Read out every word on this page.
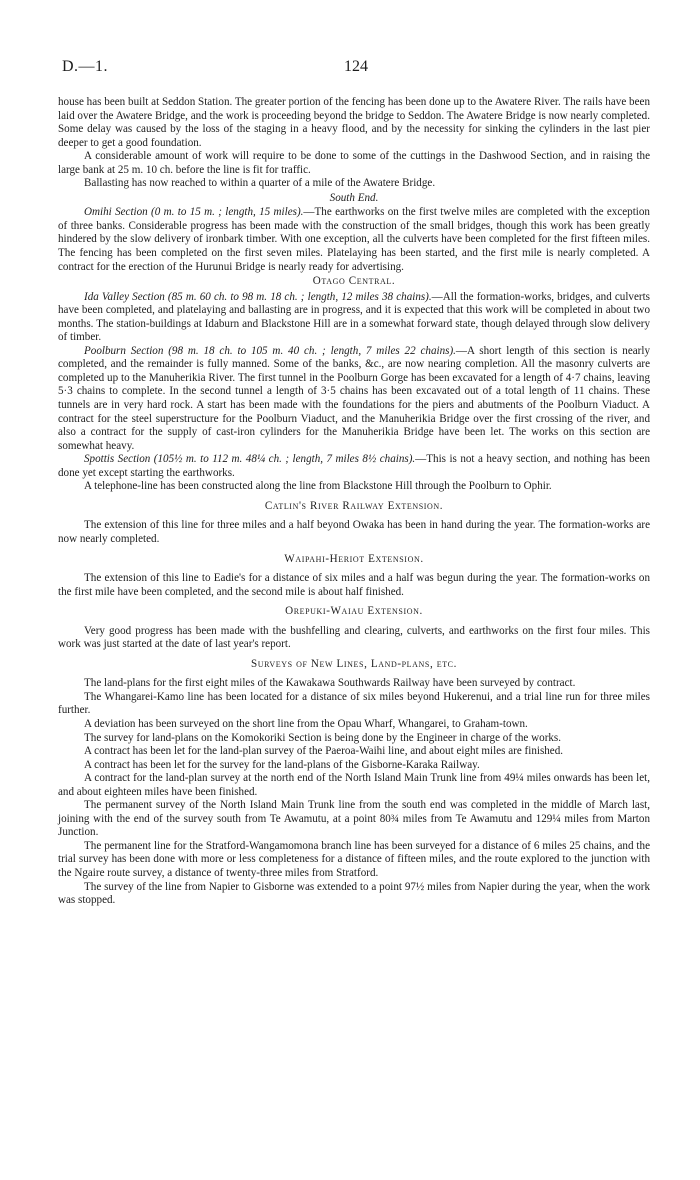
D.—1.	124

house has been built at Seddon Station. The greater portion of the fencing has been done up to the Awatere River. The rails have been laid over the Awatere Bridge, and the work is proceeding beyond the bridge to Seddon. The Awatere Bridge is now nearly completed. Some delay was caused by the loss of the staging in a heavy flood, and by the necessity for sinking the cylinders in the last pier deeper to get a good foundation.

A considerable amount of work will require to be done to some of the cuttings in the Dashwood Section, and in raising the large bank at 25 m. 10 ch. before the line is fit for traffic.

Ballasting has now reached to within a quarter of a mile of the Awatere Bridge.

South End.

Omihi Section (0 m. to 15 m. ; length, 15 miles).—The earthworks on the first twelve miles are completed with the exception of three banks. Considerable progress has been made with the construction of the small bridges, though this work has been greatly hindered by the slow delivery of ironbark timber. With one exception, all the culverts have been completed for the first fifteen miles. The fencing has been completed on the first seven miles. Platelaying has been started, and the first mile is nearly completed. A contract for the erection of the Hurunui Bridge is nearly ready for advertising.

Otago Central.

Ida Valley Section (85 m. 60 ch. to 98 m. 18 ch. ; length, 12 miles 38 chains).—All the formation-works, bridges, and culverts have been completed, and platelaying and ballasting are in progress, and it is expected that this work will be completed in about two months. The station-buildings at Idaburn and Blackstone Hill are in a somewhat forward state, though delayed through slow delivery of timber.

Poolburn Section (98 m. 18 ch. to 105 m. 40 ch. ; length, 7 miles 22 chains).—A short length of this section is nearly completed, and the remainder is fully manned. Some of the banks, &c., are now nearing completion. All the masonry culverts are completed up to the Manuherikia River. The first tunnel in the Poolburn Gorge has been excavated for a length of 4·7 chains, leaving 5·3 chains to complete. In the second tunnel a length of 3·5 chains has been excavated out of a total length of 11 chains. These tunnels are in very hard rock. A start has been made with the foundations for the piers and abutments of the Poolburn Viaduct. A contract for the steel superstructure for the Poolburn Viaduct, and the Manuherikia Bridge over the first crossing of the river, and also a contract for the supply of cast-iron cylinders for the Manuherikia Bridge have been let. The works on this section are somewhat heavy.

Spottis Section (105½ m. to 112 m. 48¼ ch. ; length, 7 miles 8½ chains).—This is not a heavy section, and nothing has been done yet except starting the earthworks.

A telephone-line has been constructed along the line from Blackstone Hill through the Poolburn to Ophir.

Catlin's River Railway Extension.

The extension of this line for three miles and a half beyond Owaka has been in hand during the year. The formation-works are now nearly completed.

Waipahi-Heriot Extension.

The extension of this line to Eadie's for a distance of six miles and a half was begun during the year. The formation-works on the first mile have been completed, and the second mile is about half finished.

Orepuki-Waiau Extension.

Very good progress has been made with the bushfelling and clearing, culverts, and earthworks on the first four miles. This work was just started at the date of last year's report.

Surveys of New Lines, Land-plans, etc.

The land-plans for the first eight miles of the Kawakawa Southwards Railway have been surveyed by contract.

The Whangarei-Kamo line has been located for a distance of six miles beyond Hukerenui, and a trial line run for three miles further.

A deviation has been surveyed on the short line from the Opau Wharf, Whangarei, to Graham-town.

The survey for land-plans on the Komokoriki Section is being done by the Engineer in charge of the works.

A contract has been let for the land-plan survey of the Paeroa-Waihi line, and about eight miles are finished.

A contract has been let for the survey for the land-plans of the Gisborne-Karaka Railway.

A contract for the land-plan survey at the north end of the North Island Main Trunk line from 49¼ miles onwards has been let, and about eighteen miles have been finished.

The permanent survey of the North Island Main Trunk line from the south end was completed in the middle of March last, joining with the end of the survey south from Te Awamutu, at a point 80¾ miles from Te Awamutu and 129¼ miles from Marton Junction.

The permanent line for the Stratford-Wangamomona branch line has been surveyed for a distance of 6 miles 25 chains, and the trial survey has been done with more or less completeness for a distance of fifteen miles, and the route explored to the junction with the Ngaire route survey, a distance of twenty-three miles from Stratford.

The survey of the line from Napier to Gisborne was extended to a point 97½ miles from Napier during the year, when the work was stopped.
